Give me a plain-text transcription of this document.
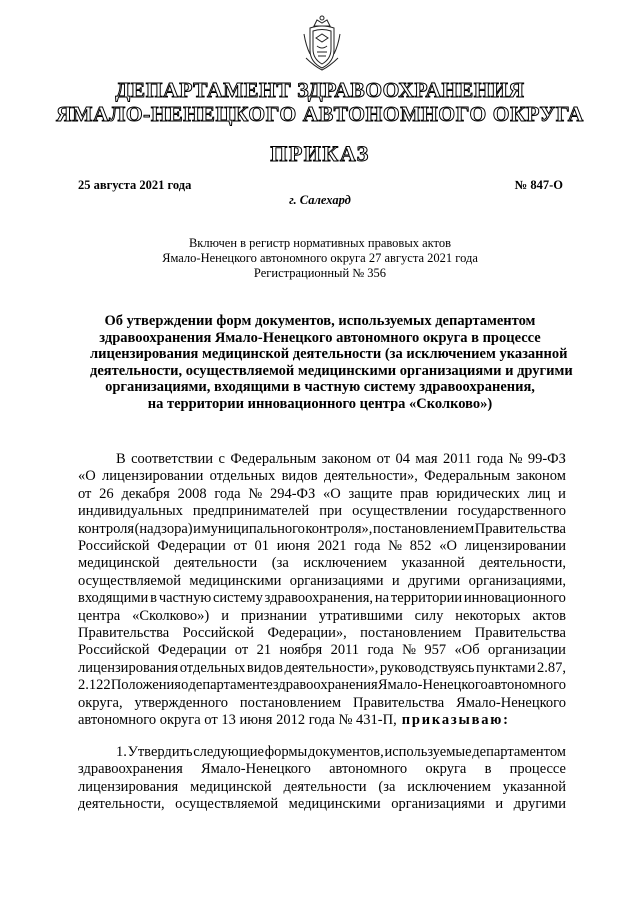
ДЕПАРТАМЕНТ ЗДРАВООХРАНЕНИЯ
ЯМАЛО-НЕНЕЦКОГО АВТОНОМНОГО ОКРУГА
ПРИКАЗ
25 августа 2021 года	№ 847-О
г. Салехард
Включен в регистр нормативных правовых актов
Ямало-Ненецкого автономного округа 27 августа 2021 года
Регистрационный № 356
Об утверждении форм документов, используемых департаментом
здравоохранения Ямало-Ненецкого автономного округа в процессе
лицензирования медицинской деятельности (за исключением указанной
деятельности, осуществляемой медицинскими организациями и другими
организациями, входящими в частную систему здравоохранения,
на территории инновационного центра «Сколково»)
В соответствии с Федеральным законом от 04 мая 2011 года № 99-ФЗ
«О лицензировании отдельных видов деятельности», Федеральным законом
от 26 декабря 2008 года № 294-ФЗ «О защите прав юридических лиц и
индивидуальных предпринимателей при осуществлении государственного
контроля (надзора) и муниципального контроля», постановлением Правительства
Российской Федерации от 01 июня 2021 года № 852 «О лицензировании
медицинской деятельности (за исключением указанной деятельности,
осуществляемой медицинскими организациями и другими организациями,
входящими в частную систему здравоохранения, на территории инновационного
центра «Сколково») и признании утратившими силу некоторых актов
Правительства Российской Федерации», постановлением Правительства
Российской Федерации от 21 ноября 2011 года № 957 «Об организации
лицензирования отдельных видов деятельности», руководствуясь пунктами 2.87,
2.122 Положения о департаменте здравоохранения Ямало-Ненецкого автономного
округа, утвержденного постановлением Правительства Ямало-Ненецкого
автономного округа от 13 июня 2012 года № 431-П, приказываю:
1. Утвердить следующие формы документов, используемые департаментом
здравоохранения Ямало-Ненецкого автономного округа в процессе
лицензирования медицинской деятельности (за исключением указанной
деятельности, осуществляемой медицинскими организациями и другими
